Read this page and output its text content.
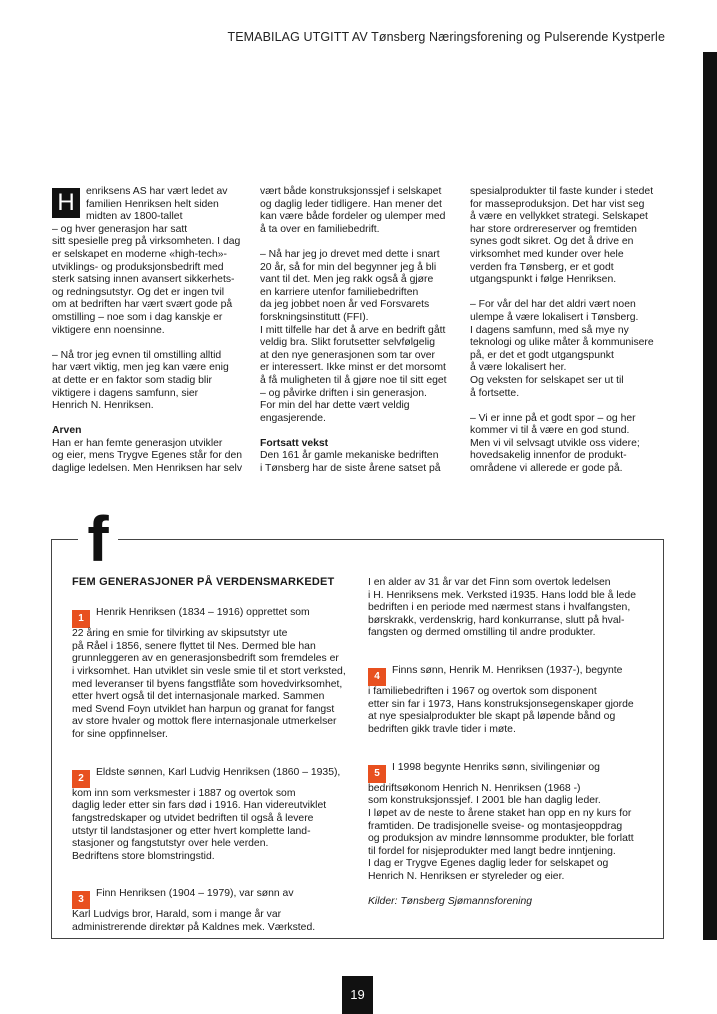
TEMABILAG UTGITT AV Tønsberg Næringsforening og Pulserende Kystperle
H	enriksens AS har vært ledet av
familien Henriksen helt siden
midten av 1800-tallet
– og hver generasjon har satt
sitt spesielle preg på virksomheten. I dag
er selskapet en moderne «high-tech»-
utviklings- og produksjonsbedrift med
sterk satsing innen avansert sikkerhets-
og redningsutstyr. Og det er ingen tvil
om at bedriften har vært svært gode på
omstilling – noe som i dag kanskje er
viktigere enn noensinne.

– Nå tror jeg evnen til omstilling alltid
har vært viktig, men jeg kan være enig
at dette er en faktor som stadig blir
viktigere i dagens samfunn, sier
Henrich N. Henriksen.

Arven

Han er han femte generasjon utvikler
og eier, mens Trygve Egenes står for den
daglige ledelsen. Men Henriksen har selv

vært både konstruksjonssjef i selskapet
og daglig leder tidligere. Han mener det
kan være både fordeler og ulemper med
å ta over en familiebedrift.

– Nå har jeg jo drevet med dette i snart
20 år, så for min del begynner jeg å bli
vant til det. Men jeg rakk også å gjøre
en karriere utenfor familiebedriften
da jeg jobbet noen år ved Forsvarets
forskningsinstitutt (FFI).
I mitt tilfelle har det å arve en bedrift gått
veldig bra. Slikt forutsetter selvfølgelig
at den nye generasjonen som tar over
er interessert. Ikke minst er det morsomt
å få muligheten til å gjøre noe til sitt eget
– og påvirke driften i sin generasjon.
For min del har dette vært veldig
engasjerende.

Fortsatt vekst

Den 161 år gamle mekaniske bedriften
i Tønsberg har de siste årene satset på

spesialprodukter til faste kunder i stedet
for masseproduksjon. Det har vist seg
å være en vellykket strategi. Selskapet
har store ordrereserver og fremtiden
synes godt sikret. Og det å drive en
virksomhet med kunder over hele
verden fra Tønsberg, er et godt
utgangspunkt i følge Henriksen.

– For vår del har det aldri vært noen
ulempe å være lokalisert i Tønsberg.
I dagens samfunn, med så mye ny
teknologi og ulike måter å kommunisere
på, er det et godt utgangspunkt
å være lokalisert her.
Og veksten for selskapet ser ut til
å fortsette.

– Vi er inne på et godt spor – og her
kommer vi til å være en god stund.
Men vi vil selvsagt utvikle oss videre;
hovedsakelig innenfor de produkt-
områdene vi allerede er gode på.

f
FEM GENERASJONER PÅ VERDENSMARKEDET

1Henrik Henriksen (1834 – 1916) opprettet som
22 åring en smie for tilvirking av skipsutstyr ute
på Råel i 1856, senere flyttet til Nes. Dermed ble han
grunnleggeren av en generasjonsbedrift som fremdeles er
i virksomhet. Han utviklet sin vesle smie til et stort verksted,
med leveranser til byens fangstflåte som hovedvirksomhet,
etter hvert også til det internasjonale marked. Sammen
med Svend Foyn utviklet han harpun og granat for fangst
av store hvaler og mottok flere internasjonale utmerkelser
for sine oppfinnelser.

2Eldste sønnen, Karl Ludvig Henriksen (1860 – 1935),
kom inn som verksmester i 1887 og overtok som
daglig leder etter sin fars død i 1916. Han videreutviklet
fangstredskaper og utvidet bedriften til også å levere
utstyr til landstasjoner og etter hvert komplette land-
stasjoner og fangstutstyr over hele verden.
Bedriftens store blomstringstid.

3Finn Henriksen (1904 – 1979), var sønn av
Karl Ludvigs bror, Harald, som i mange år var
administrerende direktør på Kaldnes mek. Værksted.

I en alder av 31 år var det Finn som overtok ledelsen
i H. Henriksens mek. Verksted i1935. Hans lodd ble å lede
bedriften i en periode med nærmest stans i hvalfangsten,
børskrakk, verdenskrig, hard konkurranse, slutt på hval-
fangsten og dermed omstilling til andre produkter.

4Finns sønn, Henrik M. Henriksen (1937-), begynte
i familiebedriften i 1967 og overtok som disponent
etter sin far i 1973, Hans konstruksjonsegenskaper gjorde
at nye spesialprodukter ble skapt på løpende bånd og
bedriften gikk travle tider i møte.

5I 1998 begynte Henriks sønn, sivilingeniør og
bedriftsøkonom Henrich N. Henriksen (1968 -)
som konstruksjonssjef. I 2001 ble han daglig leder.
I løpet av de neste to årene staket han opp en ny kurs for
framtiden. De tradisjonelle sveise- og montasjeoppdrag
og produksjon av mindre lønnsomme produkter, ble forlatt
til fordel for nisjeprodukter med langt bedre inntjening.
I dag er Trygve Egenes daglig leder for selskapet og
Henrich N. Henriksen er styreleder og eier.

Kilder: Tønsberg Sjømannsforening
19
